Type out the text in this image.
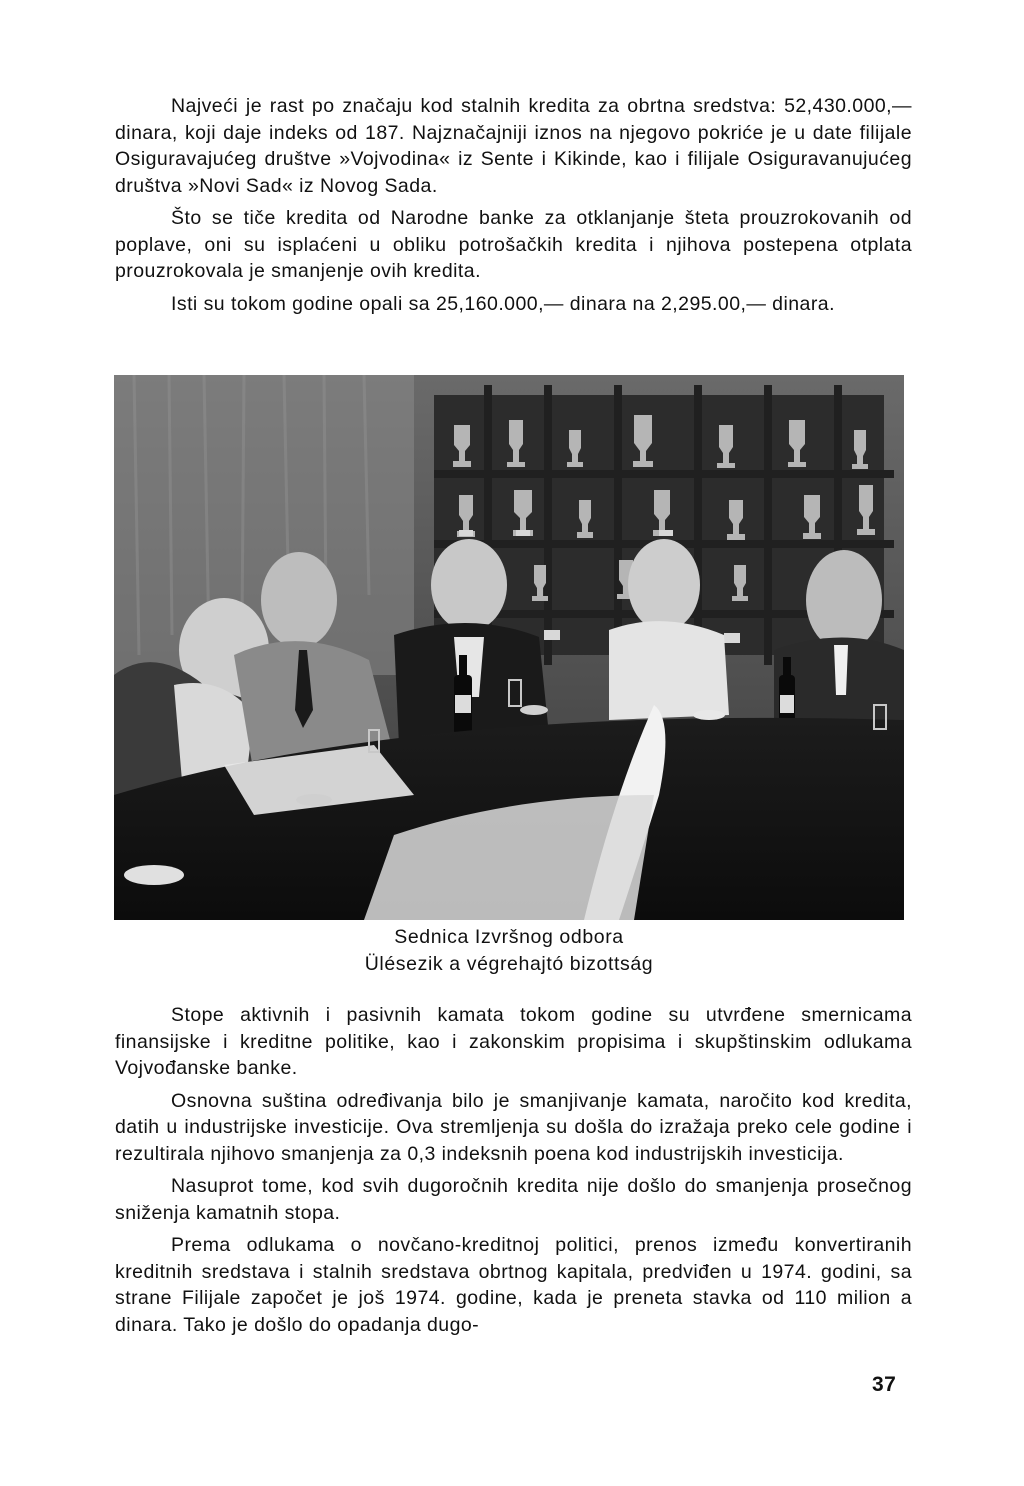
Najveći je rast po značaju kod stalnih kredita za obrtna sredstva: 52,430.000,— dinara, koji daje indeks od 187. Najznačajniji iznos na njegovo pokriće je u date filijale Osiguravajućeg društve »Vojvodina« iz Sente i Kikinde, kao i filijale Osiguravanujućeg društva »Novi Sad« iz Novog Sada.

Što se tiče kredita od Narodne banke za otklanjanje šteta prouzrokovanih od poplave, oni su isplaćeni u obliku potrošačkih kredita i njihova postepena otplata prouzrokovala je smanjenje ovih kredita.

Isti su tokom godine opali sa 25,160.000,— dinara na 2,295.00,— dinara.

Sednica Izvršnog odbora
Ülésezik a végrehajtó bizottság

Stope aktivnih i pasivnih kamata tokom godine su utvrđene smernicama finansijske i kreditne politike, kao i zakonskim propisima i skupštinskim odlukama Vojvođanske banke.

Osnovna suština određivanja bilo je smanjivanje kamata, naročito kod kredita, datih u industrijske investicije. Ova stremljenja su došla do izražaja preko cele godine i rezultirala njihovo smanjenja za 0,3 indeksnih poena kod industrijskih investicija.

Nasuprot tome, kod svih dugoročnih kredita nije došlo do smanjenja prosečnog sniženja kamatnih stopa.

Prema odlukama o novčano-kreditnoj politici, prenos između konvertiranih kreditnih sredstava i stalnih sredstava obrtnog kapitala, predviđen u 1974. godini, sa strane Filijale započet je još 1974. godine, kada je preneta stavka od 110 milion a dinara. Tako je došlo do opadanja dugo-

37
